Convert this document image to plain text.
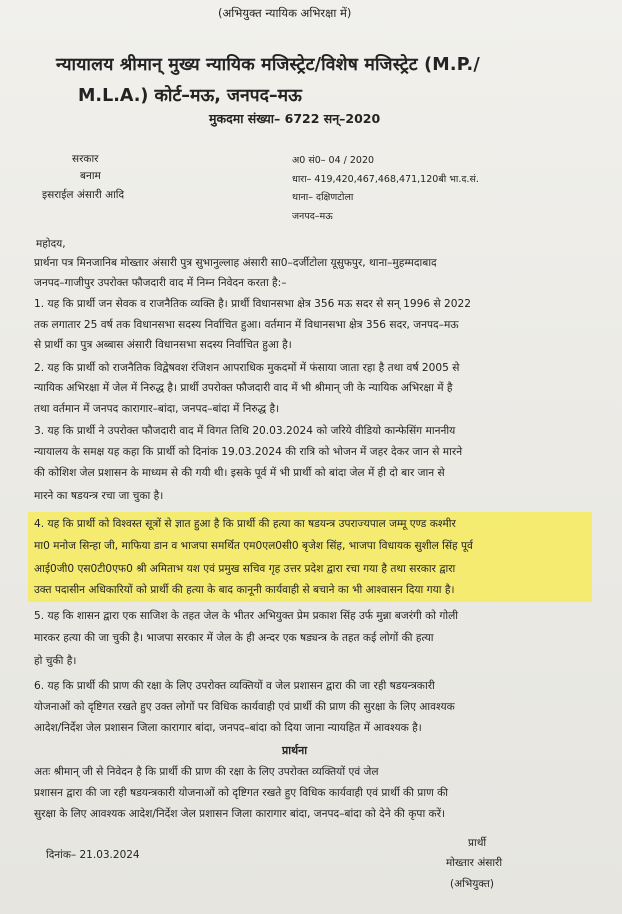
(अभियुक्त न्यायिक अभिरक्षा में)
न्यायालय श्रीमान् मुख्य न्यायिक मजिस्ट्रेट/विशेष मजिस्ट्रेट (M.P./
M.L.A.) कोर्ट–मऊ, जनपद–मऊ
मुकदमा संख्या– 6722 सन्–2020
सरकार
बनाम
इसराईल अंसारी आदि
अ0 सं0– 04 / 2020
धारा– 419,420,467,468,471,120बी भा.द.सं.
थाना– दक्षिणटोला
जनपद–मऊ
महोदय,
प्रार्थना पत्र मिनजानिब मोख्तार अंसारी पुत्र सुभानुल्लाह अंसारी सा0–दर्जीटोला यूसुफपुर, थाना–मुहम्मदाबाद
जनपद–गाजीपुर उपरोक्त फौजदारी वाद में निम्न निवेदन करता है:–
1. यह कि प्रार्थी जन सेवक व राजनैतिक व्यक्ति है। प्रार्थी विधानसभा क्षेत्र 356 मऊ सदर से सन् 1996 से 2022
तक लगातार 25 वर्ष तक विधानसभा सदस्य निर्वाचित हुआ। वर्तमान में विधानसभा क्षेत्र 356 सदर, जनपद–मऊ
से प्रार्थी का पुत्र अब्बास अंसारी विधानसभा सदस्य निर्वाचित हुआ है।
2. यह कि प्रार्थी को राजनैतिक विद्वेषवश रंजिशन आपराधिक मुकदमों में फंसाया जाता रहा है तथा वर्ष 2005 से
न्यायिक अभिरक्षा में जेल में निरुद्ध है। प्रार्थी उपरोक्त फौजदारी वाद में भी श्रीमान् जी के न्यायिक अभिरक्षा में है
तथा वर्तमान में जनपद कारागार–बांदा, जनपद–बांदा में निरुद्ध है।
3. यह कि प्रार्थी ने उपरोक्त फौजदारी वाद में विगत तिथि 20.03.2024 को जरिये वीडियो कान्फेसिंग माननीय
न्यायालय के समक्ष यह कहा कि प्रार्थी को दिनांक 19.03.2024 की रात्रि को भोजन में जहर देकर जान से मारने
की कोशिश जेल प्रशासन के माध्यम से की गयी थी। इसके पूर्व में भी प्रार्थी को बांदा जेल में ही दो बार जान से
मारने का षडयन्त्र रचा जा चुका है।
4. यह कि प्रार्थी को विश्वस्त सूत्रों से ज्ञात हुआ है कि प्रार्थी की हत्या का षडयन्त्र उपराज्यपाल जम्मू एण्ड कश्मीर
मा0 मनोज सिन्हा जी, माफिया डान व भाजपा समर्थित एम0एल0सी0 बृजेश सिंह, भाजपा विधायक सुशील सिंह पूर्व
आई0जी0 एस0टी0एफ0 श्री अमिताभ यश एवं प्रमुख सचिव गृह उत्तर प्रदेश द्वारा रचा गया है तथा सरकार द्वारा
उक्त पदासीन अधिकारियों को प्रार्थी की हत्या के बाद कानूनी कार्यवाही से बचाने का भी आश्वासन दिया गया है।
5. यह कि शासन द्वारा एक साजिश के तहत जेल के भीतर अभियुक्त प्रेम प्रकाश सिंह उर्फ मुन्ना बजरंगी को गोली
मारकर हत्या की जा चुकी है। भाजपा सरकार में जेल के ही अन्दर एक षड्यन्त्र के तहत कई लोगों की हत्या
हो चुकी है।
6. यह कि प्रार्थी की प्राण की रक्षा के लिए उपरोक्त व्यक्तियों व जेल प्रशासन द्वारा की जा रही षडयन्त्रकारी
योजनाओं को दृष्टिगत रखते हुए उक्त लोगों पर विधिक कार्यवाही एवं प्रार्थी की प्राण की सुरक्षा के लिए आवश्यक
आदेश/निर्देश जेल प्रशासन जिला कारागार बांदा, जनपद–बांदा को दिया जाना न्यायहित में आवश्यक है।
प्रार्थना
अतः श्रीमान् जी से निवेदन है कि प्रार्थी की प्राण की रक्षा के लिए उपरोक्त व्यक्तियों एवं जेल
प्रशासन द्वारा की जा रही षडयन्त्रकारी योजनाओं को दृष्टिगत रखते हुए विधिक कार्यवाही एवं प्रार्थी की प्राण की
सुरक्षा के लिए आवश्यक आदेश/निर्देश जेल प्रशासन जिला कारागार बांदा, जनपद–बांदा को देने की कृपा करें।
दिनांक– 21.03.2024
प्रार्थी
मोख्तार अंसारी
(अभियुक्त)
